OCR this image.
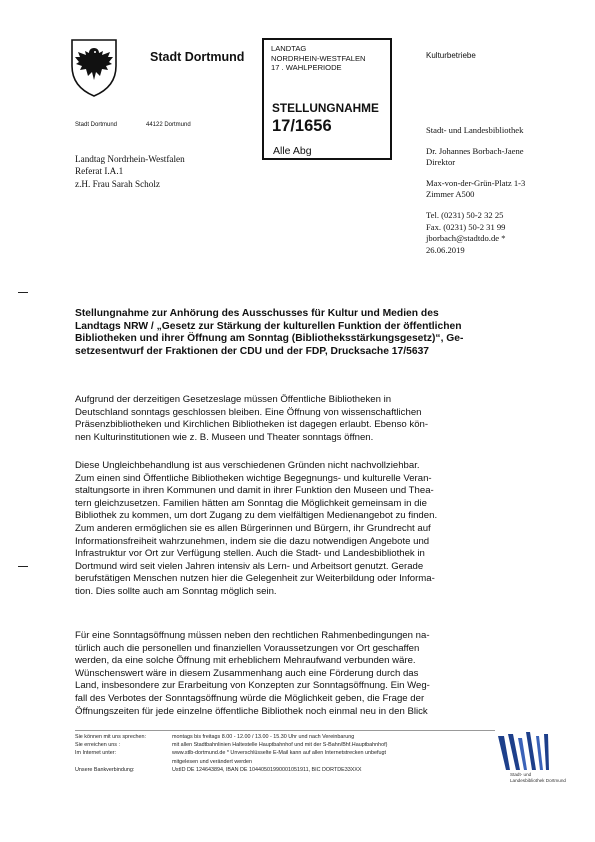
Stadt Dortmund
Stadt Dortmund	44122 Dortmund
LANDTAG
NORDRHEIN-WESTFALEN
17 . WAHLPERIODE
STELLUNGNAHME
17/1656
Alle Abg
Kulturbetriebe
Landtag Nordrhein-Westfalen
Referat I.A.1
z.H. Frau Sarah Scholz
Stadt- und Landesbibliothek
Dr. Johannes Borbach-Jaene
Direktor
Max-von-der-Grün-Platz 1-3
Zimmer A500
Tel. (0231) 50-2 32 25
Fax. (0231) 50-2 31 99
jborbach@stadtdo.de *
26.06.2019
Stellungnahme zur Anhörung des Ausschusses für Kultur und Medien des
Landtags NRW / „Gesetz zur Stärkung der kulturellen Funktion der öffentlichen
Bibliotheken und ihrer Öffnung am Sonntag (Bibliotheksstärkungsgesetz)“, Ge-
setzesentwurf der Fraktionen der CDU und der FDP, Drucksache 17/5637
Aufgrund der derzeitigen Gesetzeslage müssen Öffentliche Bibliotheken in
Deutschland sonntags geschlossen bleiben. Eine Öffnung von wissenschaftlichen
Präsenzbibliotheken und Kirchlichen Bibliotheken ist dagegen erlaubt. Ebenso kön-
nen Kulturinstitutionen wie z. B. Museen und Theater sonntags öffnen.
Diese Ungleichbehandlung ist aus verschiedenen Gründen nicht nachvollziehbar.
Zum einen sind Öffentliche Bibliotheken wichtige Begegnungs- und kulturelle Veran-
staltungsorte in ihren Kommunen und damit in ihrer Funktion den Museen und Thea-
tern gleichzusetzen. Familien hätten am Sonntag die Möglichkeit gemeinsam in die
Bibliothek zu kommen, um dort Zugang zu dem vielfältigen Medienangebot zu finden.
Zum anderen ermöglichen sie es allen Bürgerinnen und Bürgern, ihr Grundrecht auf
Informationsfreiheit wahrzunehmen, indem sie die dazu notwendigen Angebote und
Infrastruktur vor Ort zur Verfügung stellen. Auch die Stadt- und Landesbibliothek in
Dortmund wird seit vielen Jahren intensiv als Lern- und Arbeitsort genutzt. Gerade
berufstätigen Menschen nutzen hier die Gelegenheit zur Weiterbildung oder Informa-
tion. Dies sollte auch am Sonntag möglich sein.
Für eine Sonntagsöffnung müssen neben den rechtlichen Rahmenbedingungen na-
türlich auch die personellen und finanziellen Voraussetzungen vor Ort geschaffen
werden, da eine solche Öffnung mit erheblichem Mehraufwand verbunden wäre.
Wünschenswert wäre in diesem Zusammenhang auch eine Förderung durch das
Land, insbesondere zur Erarbeitung von Konzepten zur Sonntagsöffnung. Ein Weg-
fall des Verbotes der Sonntagsöffnung würde die Möglichkeit geben, die Frage der
Öffnungszeiten für jede einzelne öffentliche Bibliothek noch einmal neu in den Blick
Sie können mit uns sprechen:
Sie erreichen uns :
Im Internet unter:
Unsere Bankverbindung:
montags bis freitags 8.00 - 12.00 / 13.00 - 15.30 Uhr und nach Vereinbarung
mit allen Stadtbahnlinien Haltestelle Hauptbahnhof und mit der S-Bahn/Bhf.Hauptbahnhof)
www.stlb-dortmund.de * Unverschlüsselte E-Mail kann auf allen Internetstrecken unbefugt
mitgelesen und verändert werden
UstID DE 124643894, IBAN DE 10440501990001051911, BIC DORTDE33XXX
Stadt- und
Landesbibliothek Dortmund
